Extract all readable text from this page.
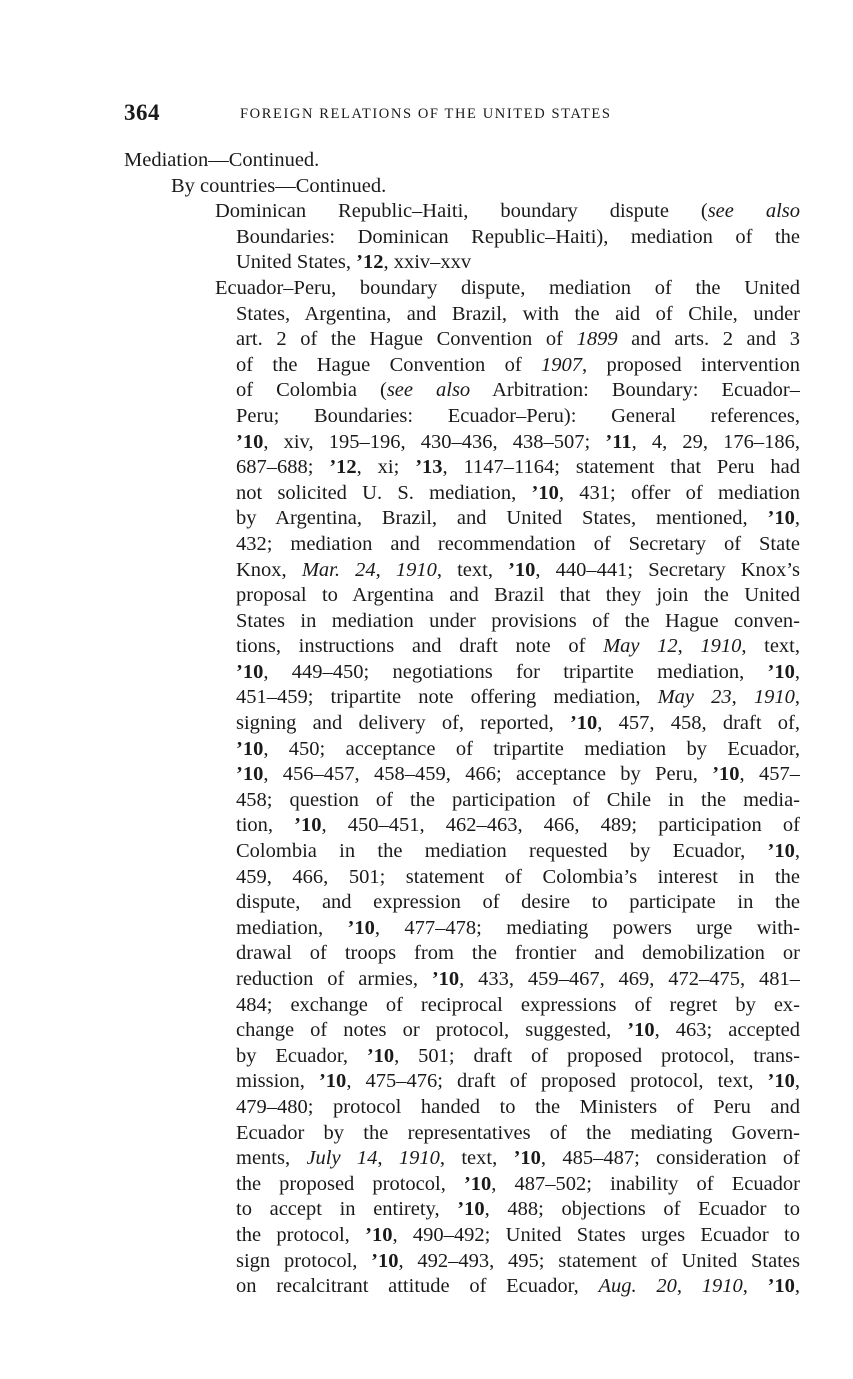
364	FOREIGN RELATIONS OF THE UNITED STATES
Mediation—Continued.
By countries—Continued.
Dominican Republic–Haiti, boundary dispute (see also
Boundaries: Dominican Republic–Haiti), mediation of the
United States, ’12, xxiv–xxv
Ecuador–Peru, boundary dispute, mediation of the United
States, Argentina, and Brazil, with the aid of Chile, under
art. 2 of the Hague Convention of 1899 and arts. 2 and 3
of the Hague Convention of 1907, proposed intervention
of Colombia (see also Arbitration: Boundary: Ecuador–
Peru; Boundaries: Ecuador–Peru): General references,
’10, xiv, 195–196, 430–436, 438–507; ’11, 4, 29, 176–186,
687–688; ’12, xi; ’13, 1147–1164; statement that Peru had
not solicited U. S. mediation, ’10, 431; offer of mediation
by Argentina, Brazil, and United States, mentioned, ’10,
432; mediation and recommendation of Secretary of State
Knox, Mar. 24, 1910, text, ’10, 440–441; Secretary Knox’s
proposal to Argentina and Brazil that they join the United
States in mediation under provisions of the Hague conven-
tions, instructions and draft note of May 12, 1910, text,
’10, 449–450; negotiations for tripartite mediation, ’10,
451–459; tripartite note offering mediation, May 23, 1910,
signing and delivery of, reported, ’10, 457, 458, draft of,
’10, 450; acceptance of tripartite mediation by Ecuador,
’10, 456–457, 458–459, 466; acceptance by Peru, ’10, 457–
458; question of the participation of Chile in the media-
tion, ’10, 450–451, 462–463, 466, 489; participation of
Colombia in the mediation requested by Ecuador, ’10,
459, 466, 501; statement of Colombia’s interest in the
dispute, and expression of desire to participate in the
mediation, ’10, 477–478; mediating powers urge with-
drawal of troops from the frontier and demobilization or
reduction of armies, ’10, 433, 459–467, 469, 472–475, 481–
484; exchange of reciprocal expressions of regret by ex-
change of notes or protocol, suggested, ’10, 463; accepted
by Ecuador, ’10, 501; draft of proposed protocol, trans-
mission, ’10, 475–476; draft of proposed protocol, text, ’10,
479–480; protocol handed to the Ministers of Peru and
Ecuador by the representatives of the mediating Govern-
ments, July 14, 1910, text, ’10, 485–487; consideration of
the proposed protocol, ’10, 487–502; inability of Ecuador
to accept in entirety, ’10, 488; objections of Ecuador to
the protocol, ’10, 490–492; United States urges Ecuador to
sign protocol, ’10, 492–493, 495; statement of United States
on recalcitrant attitude of Ecuador, Aug. 20, 1910, ’10,
